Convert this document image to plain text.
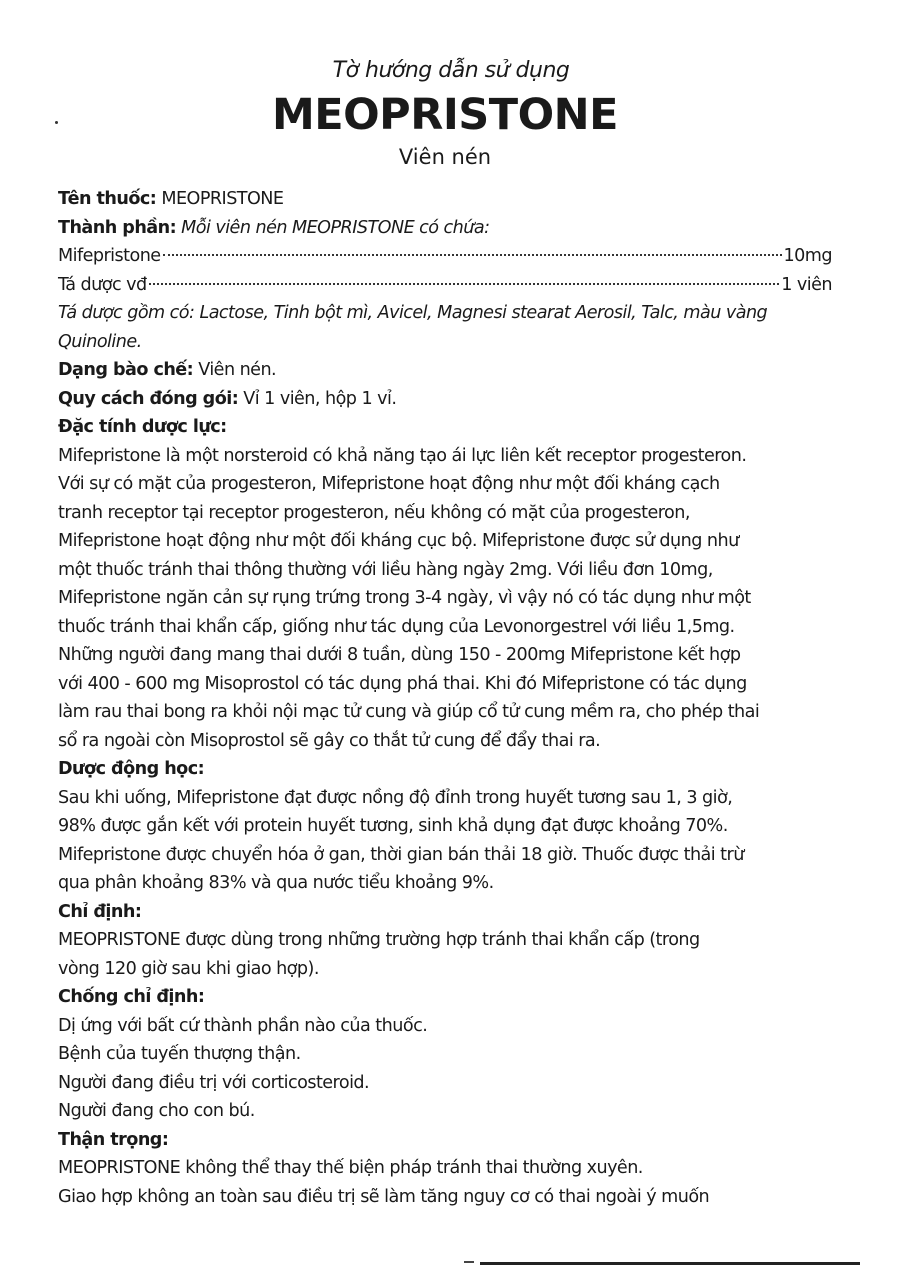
Tờ hướng dẫn sử dụng
MEOPRISTONE
Viên nén
Tên thuốc: MEOPRISTONE
Thành phần: Mỗi viên nén MEOPRISTONE có chứa:
Mifepristone	10mg
Tá dược vđ	1 viên
Tá dược gồm có: Lactose, Tinh bột mì, Avicel, Magnesi stearat Aerosil, Talc, màu vàng
Quinoline.
Dạng bào chế: Viên nén.
Quy cách đóng gói: Vỉ 1 viên, hộp 1 vỉ.
Đặc tính dược lực:
Mifepristone là một norsteroid có khả năng tạo ái lực liên kết receptor progesteron.
Với sự có mặt của progesteron, Mifepristone hoạt động như một đối kháng cạch
tranh receptor tại receptor progesteron, nếu không có mặt của progesteron,
Mifepristone hoạt động như một đối kháng cục bộ. Mifepristone được sử dụng như
một thuốc tránh thai thông thường với liều hàng ngày 2mg. Với liều đơn 10mg,
Mifepristone ngăn cản sự rụng trứng trong 3-4 ngày, vì vậy nó có tác dụng như một
thuốc tránh thai khẩn cấp, giống như tác dụng của Levonorgestrel với liều 1,5mg.
Những người đang mang thai dưới 8 tuần, dùng 150 - 200mg Mifepristone kết hợp
với 400 - 600 mg Misoprostol có tác dụng phá thai. Khi đó Mifepristone có tác dụng
làm rau thai bong ra khỏi nội mạc tử cung và giúp cổ tử cung mềm ra, cho phép thai
sổ ra ngoài còn Misoprostol sẽ gây co thắt tử cung để đẩy thai ra.
Dược động học:
Sau khi uống, Mifepristone đạt được nồng độ đỉnh trong huyết tương sau 1, 3 giờ,
98% được gắn kết với protein huyết tương, sinh khả dụng đạt được khoảng 70%.
Mifepristone được chuyển hóa ở gan, thời gian bán thải 18 giờ. Thuốc được thải trừ
qua phân khoảng 83% và qua nước tiểu khoảng 9%.
Chỉ định:
MEOPRISTONE được dùng trong những trường hợp tránh thai khẩn cấp (trong
vòng 120 giờ sau khi giao hợp).
Chống chỉ định:
Dị ứng với bất cứ thành phần nào của thuốc.
Bệnh của tuyến thượng thận.
Người đang điều trị với corticosteroid.
Người đang cho con bú.
Thận trọng:
MEOPRISTONE không thể thay thế biện pháp tránh thai thường xuyên.
Giao hợp không an toàn sau điều trị sẽ làm tăng nguy cơ có thai ngoài ý muốn
